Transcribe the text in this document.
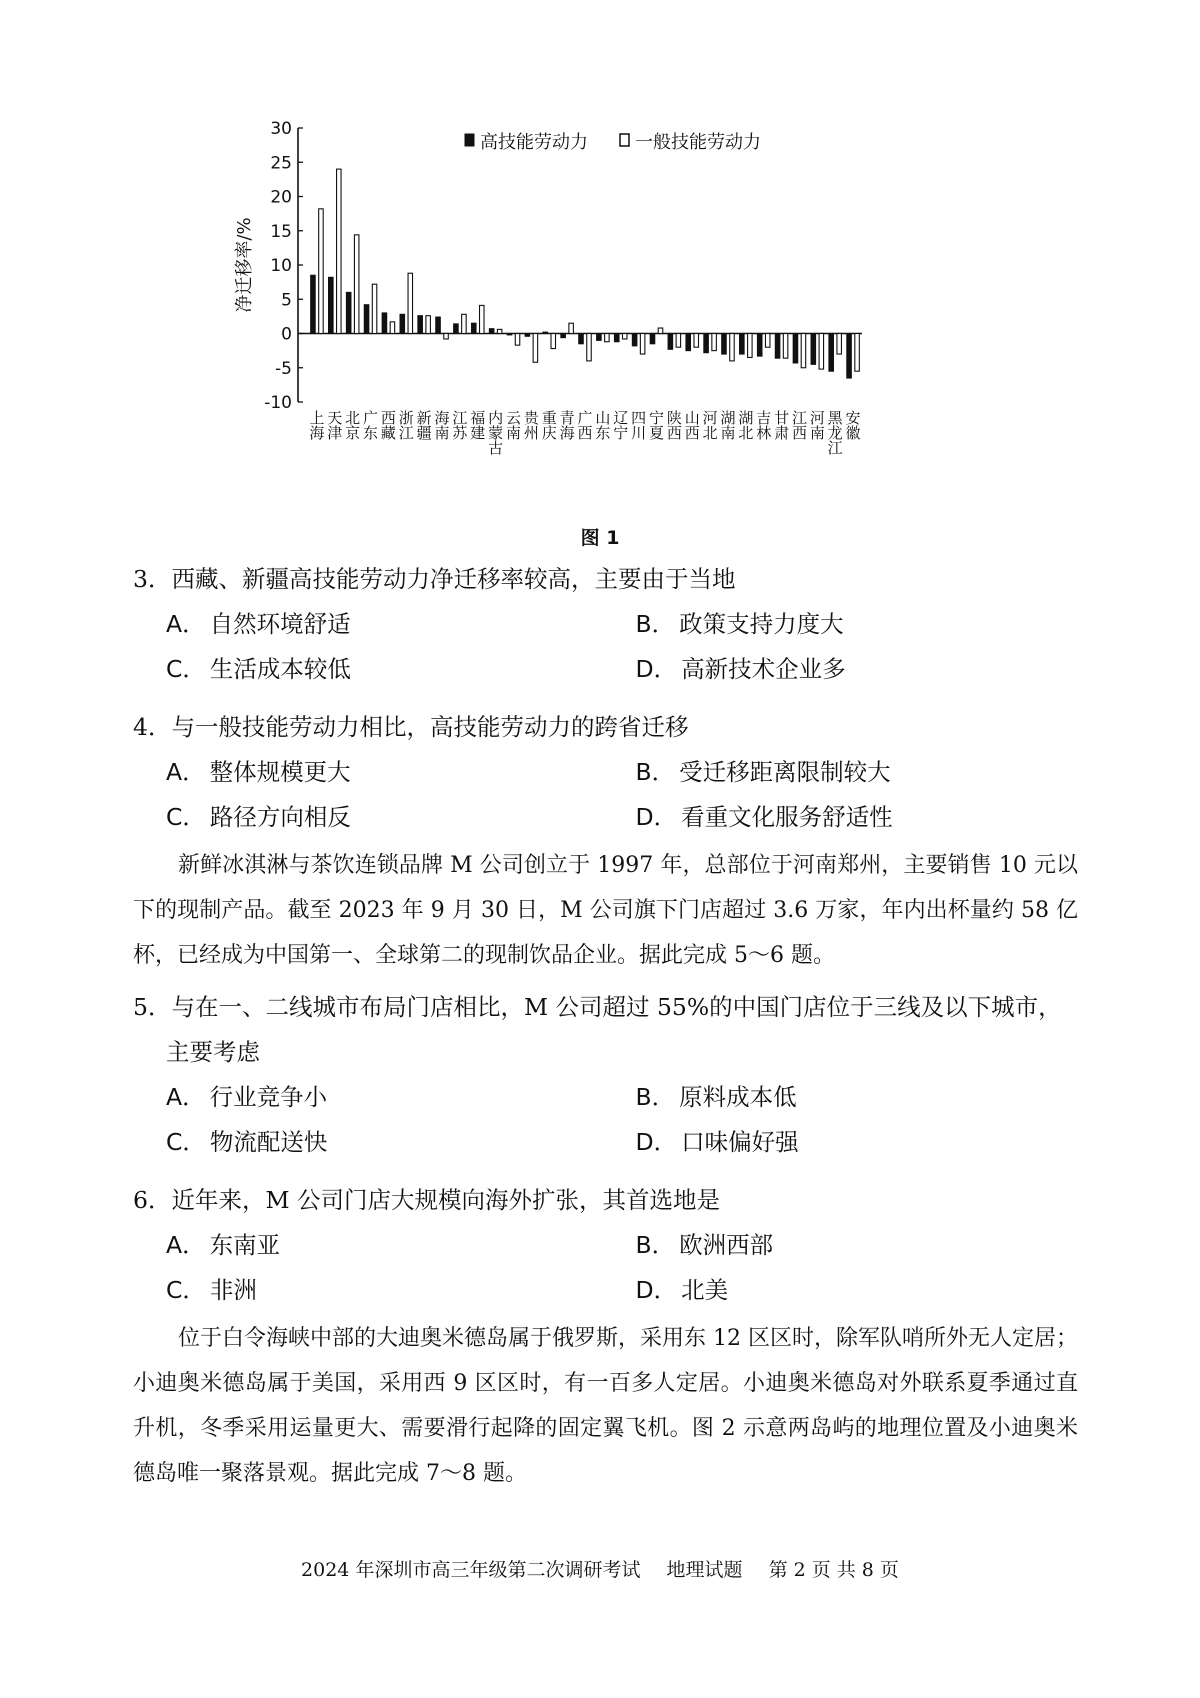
-10
-5
0
5
10
15
20
25
30
上海
天津
北京
广东
西藏
浙江
新疆
海南
江苏
福建
内蒙古
云南
贵州
重庆
青海
广西
山东
辽宁
四川
宁夏
陕西
山西
河北
湖南
湖北
吉林
甘肃
江西
河南
黑龙江
安徽
净迁移率/%
高技能劳动力	一般技能劳动力
图 1
3．西藏、新疆高技能劳动力净迁移率较高，主要由于当地
A． 自然环境舒适	B． 政策支持力度大
C． 生活成本较低	D． 高新技术企业多
4．与一般技能劳动力相比，高技能劳动力的跨省迁移
A． 整体规模更大	B． 受迁移距离限制较大
C． 路径方向相反	D． 看重文化服务舒适性

新鲜冰淇淋与茶饮连锁品牌 M 公司创立于 1997 年，总部位于河南郑州，主要销售 10 元以下的现制产品。截至 2023 年 9 月 30 日，M 公司旗下门店超过 3.6 万家，年内出杯量约 58 亿杯，已经成为中国第一、全球第二的现制饮品企业。据此完成 5～6 题。

5．与在一、二线城市布局门店相比，M 公司超过 55%的中国门店位于三线及以下城市，
主要考虑
A． 行业竞争小	B． 原料成本低
C． 物流配送快	D． 口味偏好强
6．近年来，M 公司门店大规模向海外扩张，其首选地是
A． 东南亚	B． 欧洲西部
C． 非洲	D． 北美

位于白令海峡中部的大迪奥米德岛属于俄罗斯，采用东 12 区区时，除军队哨所外无人定居；小迪奥米德岛属于美国，采用西 9 区区时，有一百多人定居。小迪奥米德岛对外联系夏季通过直升机，冬季采用运量更大、需要滑行起降的固定翼飞机。图 2 示意两岛屿的地理位置及小迪奥米德岛唯一聚落景观。据此完成 7～8 题。

2024 年深圳市高三年级第二次调研考试 地理试题 第 2 页 共 8 页
